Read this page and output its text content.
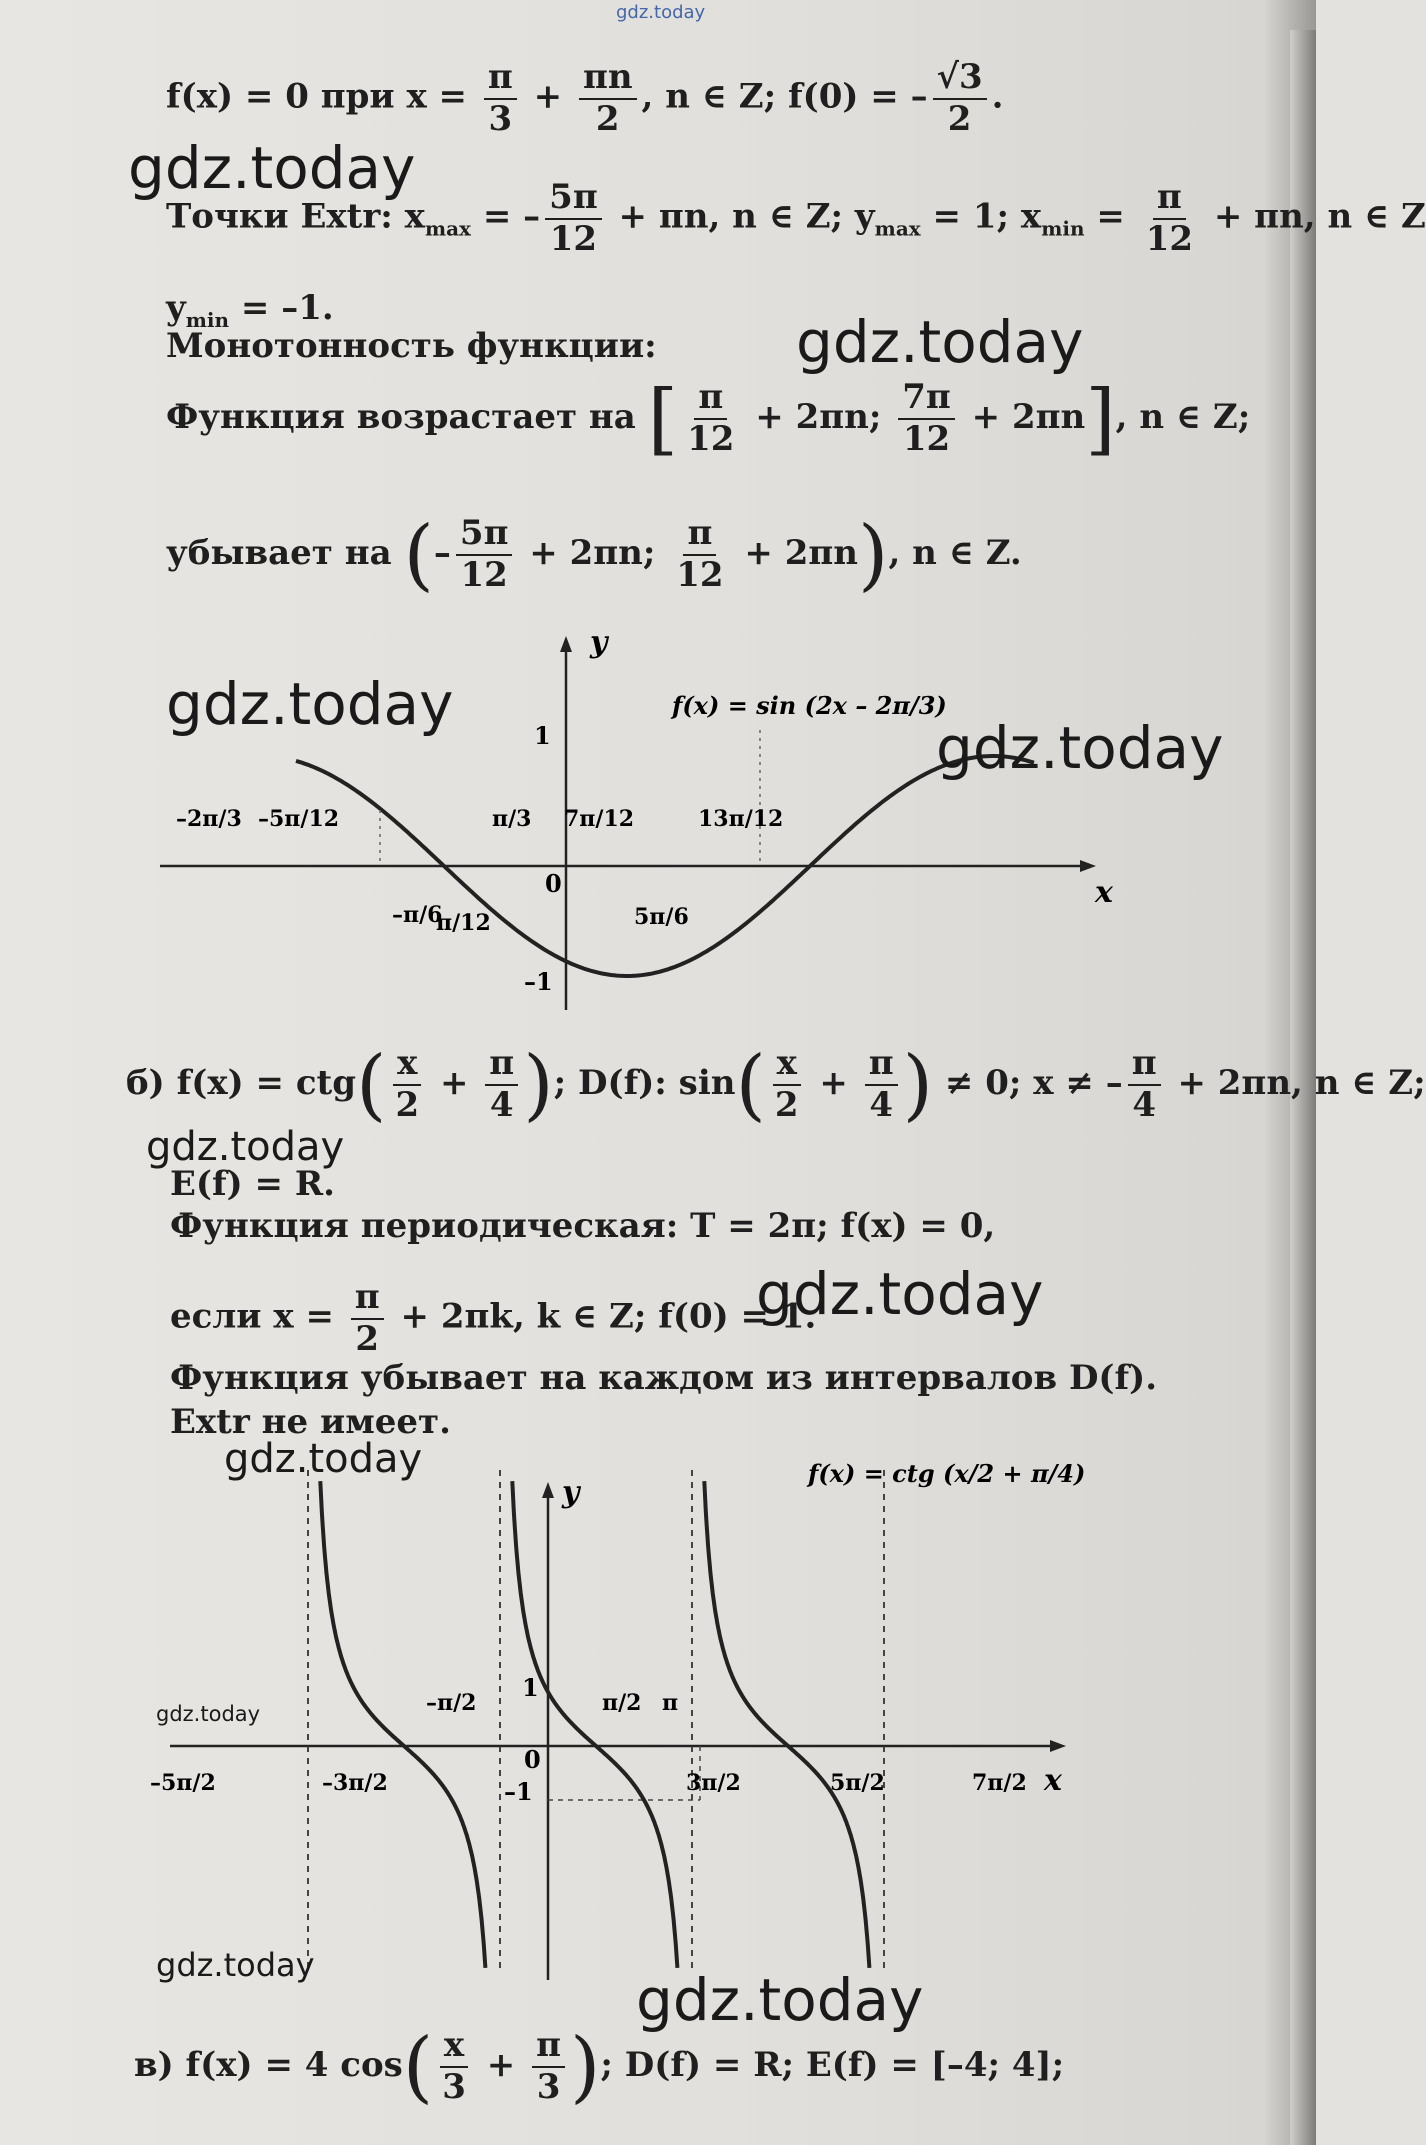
gdz.today
f(x) = 0 при $x = \frac{\pi}{3} + \frac{\pi n}{2}$ , n ∈ Z; f(0) = – $\frac{√3}{2}$ .
Точки Extr: $x_{max}$ = – $\frac{5\pi}{12} + \pi n$, n ∈ Z; $y_{max} = 1$; $x_{min} = \frac{\pi}{12} + \pi n$, n ∈ Z
$y_{min} = -1$.
Монотонность функции:
Функция возрастает на [ $\frac{\pi}{12} + 2\pi n$; $\frac{7\pi}{12} + 2\pi n$], n ∈ Z;
убывает на (– $\frac{5\pi}{12} + 2\pi n$; $\frac{\pi}{12} + 2\pi n$), n ∈ Z.
y
x
0
1
–1
f(x) = sin (2x – 2π/3)
–2π/3 –5π/12
–π/6
π/12
π/3 7π/12
5π/6
13π/12
б) $f(x) = ctg( \frac{x}{2} + \frac{\pi}{4}$ ); D(f): $\sin( \frac{x}{2} + \frac{\pi}{4}$ ) ≠ 0; x ≠ – $\frac{\pi}{4} + 2\pi n$, n ∈ Z;
E(f) = R.
Функция периодическая: T = 2π; f(x) = 0,
если $x = \frac{\pi}{2} + 2\pi k$, k ∈ Z; f(0) = 1.
Функция убывает на каждом из интервалов D(f).
Extr не имеет.
y
x
0
1
–1
f(x) = ctg (x/2 + π/4)
–5π/2	–3π/2
–π/2	π/2 π
3π/2	5π/2	7π/2
в) f(x) = 4 $\cos( \frac{x}{3} + \frac{\pi}{3}$ ); D(f) = R; E(f) = [–4; 4];
gdz.today
gdz.today
gdz.today
gdz.today
gdz.today
gdz.today
gdz.today
gdz.today
gdz.today
gdz.today
